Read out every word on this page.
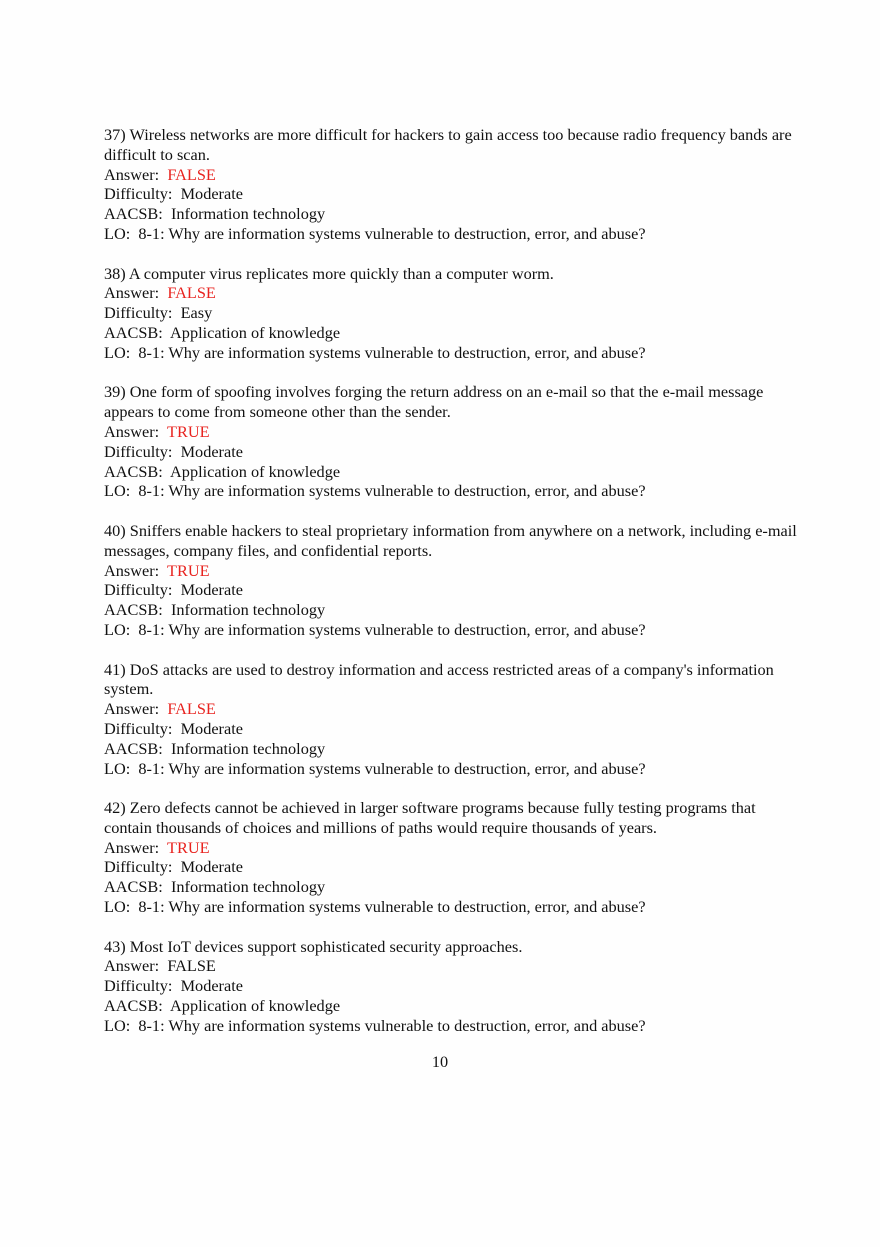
37) Wireless networks are more difficult for hackers to gain access too because radio frequency bands are difficult to scan.
Answer: FALSE
Difficulty:  Moderate
AACSB:  Information technology
LO:  8-1: Why are information systems vulnerable to destruction, error, and abuse?
38) A computer virus replicates more quickly than a computer worm.
Answer: FALSE
Difficulty:  Easy
AACSB:  Application of knowledge
LO:  8-1: Why are information systems vulnerable to destruction, error, and abuse?
39) One form of spoofing involves forging the return address on an e-mail so that the e-mail message appears to come from someone other than the sender.
Answer: TRUE
Difficulty:  Moderate
AACSB:  Application of knowledge
LO:  8-1: Why are information systems vulnerable to destruction, error, and abuse?
40) Sniffers enable hackers to steal proprietary information from anywhere on a network, including e-mail messages, company files, and confidential reports.
Answer: TRUE
Difficulty:  Moderate
AACSB:  Information technology
LO:  8-1: Why are information systems vulnerable to destruction, error, and abuse?
41) DoS attacks are used to destroy information and access restricted areas of a company's information system.
Answer: FALSE
Difficulty:  Moderate
AACSB:  Information technology
LO:  8-1: Why are information systems vulnerable to destruction, error, and abuse?
42) Zero defects cannot be achieved in larger software programs because fully testing programs that contain thousands of choices and millions of paths would require thousands of years.
Answer: TRUE
Difficulty:  Moderate
AACSB:  Information technology
LO:  8-1: Why are information systems vulnerable to destruction, error, and abuse?
43) Most IoT devices support sophisticated security approaches.
Answer: FALSE
Difficulty:  Moderate
AACSB:  Application of knowledge
LO:  8-1: Why are information systems vulnerable to destruction, error, and abuse?
10
